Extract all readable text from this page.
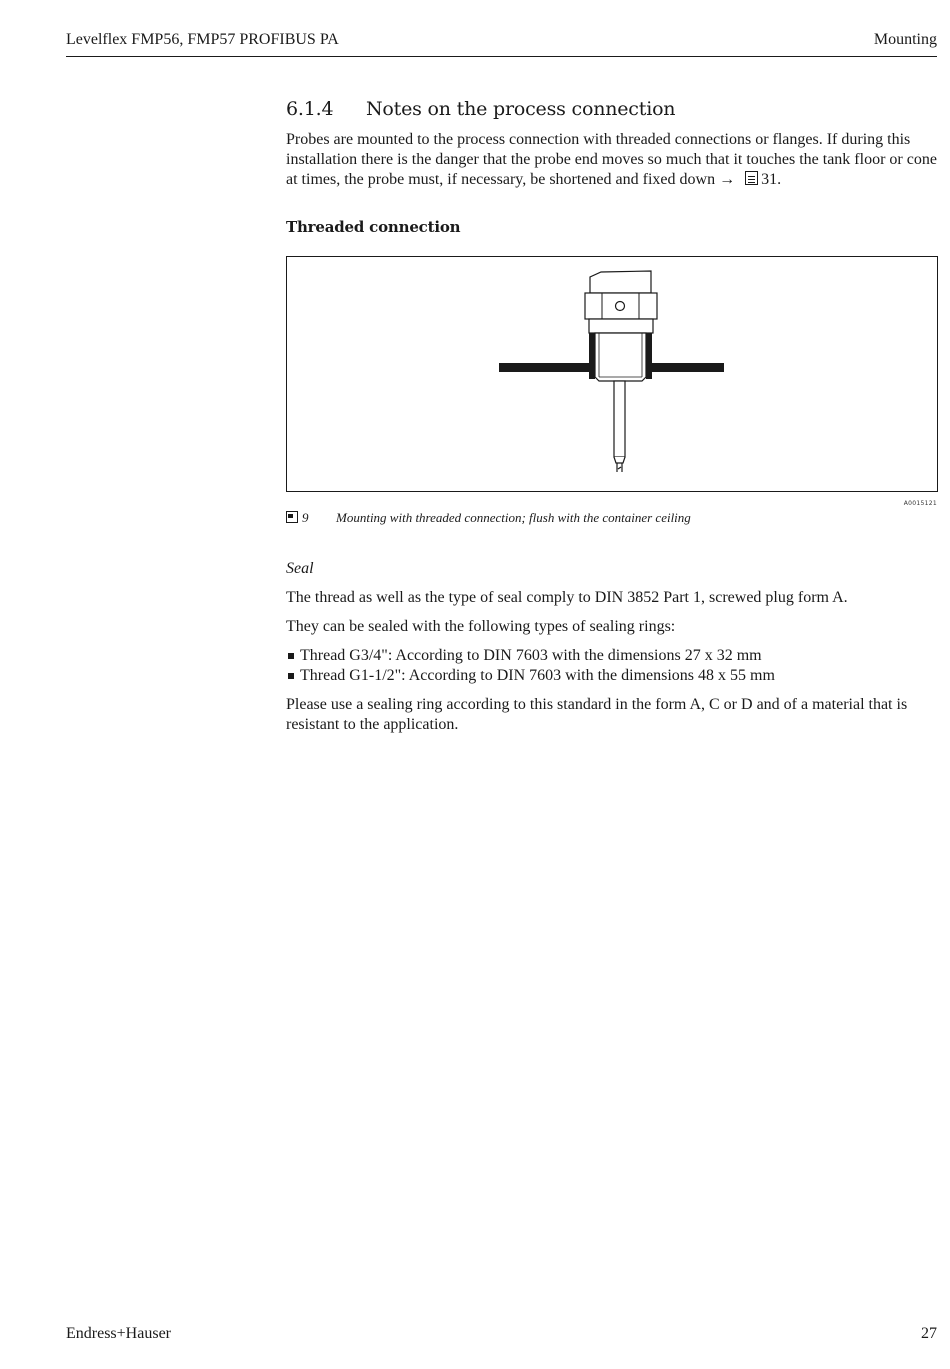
Levelflex FMP56, FMP57 PROFIBUS PA	Mounting
6.1.4 Notes on the process connection

Probes are mounted to the process connection with threaded connections or flanges. If during this installation there is the danger that the probe end moves so much that it touches the tank floor or cone at times, the probe must, if necessary, be shortened and fixed down → 31.

Threaded connection
A0015121
9 Mounting with threaded connection; flush with the container ceiling
Seal

The thread as well as the type of seal comply to DIN 3852 Part 1, screwed plug form A.

They can be sealed with the following types of sealing rings:

Thread G3/4": According to DIN 7603 with the dimensions 27 x 32 mm
Thread G1-1/2": According to DIN 7603 with the dimensions 48 x 55 mm

Please use a sealing ring according to this standard in the form A, C or D and of a material that is resistant to the application.

Endress+Hauser	27
